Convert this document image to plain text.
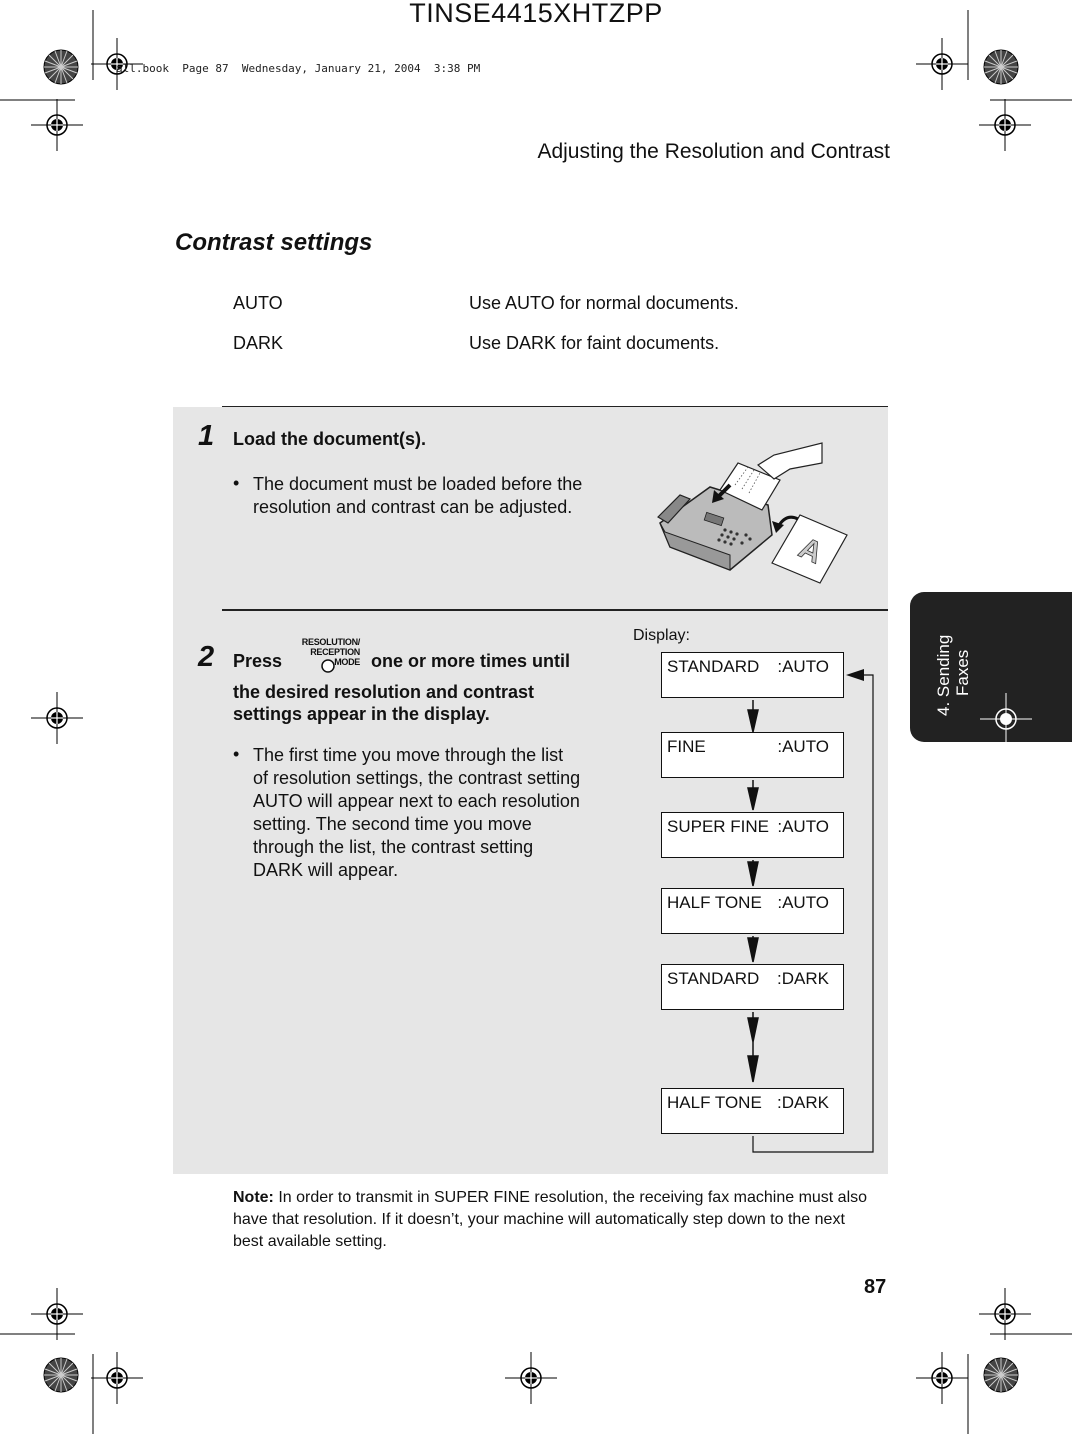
TINSE4415XHTZPP
all.book  Page 87  Wednesday, January 21, 2004  3:38 PM
Adjusting the Resolution and Contrast
Contrast settings
AUTO	Use AUTO for normal documents.
DARK	Use DARK for faint documents.
1 Load the document(s).
• The document must be loaded before the resolution and contrast can be adjusted.
A
2 Press
RESOLUTION/
RECEPTION MODE one or more times until
the desired resolution and contrast settings appear in the display.
• The first time you move through the list of resolution settings, the contrast setting AUTO will appear next to each resolution setting. The second time you move through the list, the contrast setting DARK will appear.
Display:
STANDARD :AUTO
FINE	:AUTO
SUPER FINE :AUTO
HALF TONE :AUTO
STANDARD :DARK
HALF TONE :DARK
Note: In order to transmit in SUPER FINE resolution, the receiving fax machine must also have that resolution. If it doesn’t, your machine will automatically step down to the next best available setting.
87
4. Sending Faxes
